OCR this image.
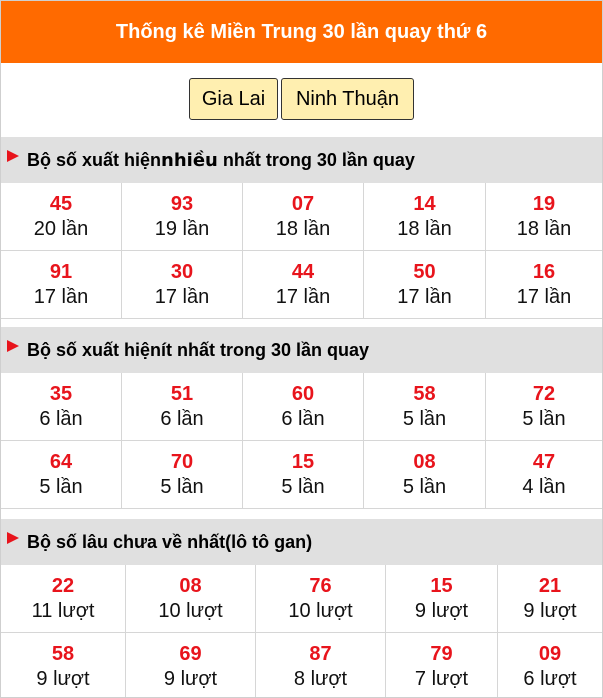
Thống kê Miền Trung 30 lần quay thứ 6
Gia Lai	Ninh Thuận
Bộ số xuất hiện nhiều
nhất trong 30 lần quay
45
20 lần
93
19 lần
07
18 lần
14
18 lần
19
18 lần
91
17 lần
30
17 lần
44
17 lần
50
17 lần
16
17 lần
Bộ số xuất hiện ít
nhất trong 30 lần quay
35
6 lần
51
6 lần
60
6 lần
58
5 lần
72
5 lần
64
5 lần
70
5 lần
15
5 lần
08
5 lần
47
4 lần
Bộ số lâu chưa về nhất (lô tô gan)
22
11 lượt
08
10 lượt
76
10 lượt
15
9 lượt
21
9 lượt
58
9 lượt
69
9 lượt
87
8 lượt
79
7 lượt
09
6 lượt
